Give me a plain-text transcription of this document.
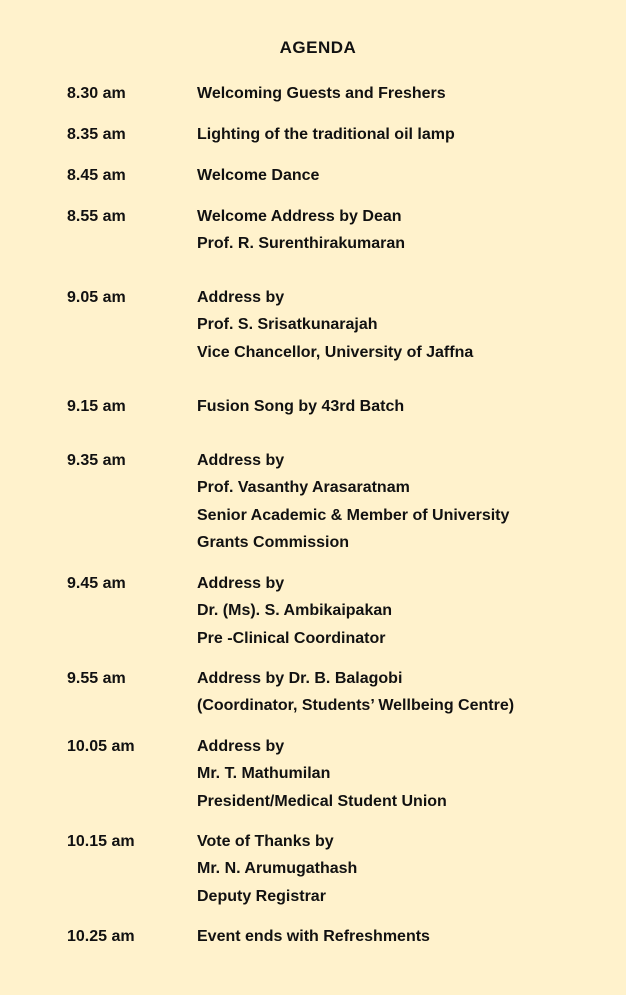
AGENDA
8.30 am	Welcoming Guests and Freshers
8.35 am	Lighting of the traditional oil lamp
8.45 am	Welcome Dance
8.55 am	Welcome Address by Dean
Prof. R. Surenthirakumaran
9.05 am	Address by
Prof. S. Srisatkunarajah
Vice Chancellor, University of Jaffna
9.15 am	Fusion Song by 43rd Batch
9.35 am	Address by
Prof. Vasanthy Arasaratnam
Senior Academic & Member of University
Grants Commission
9.45 am	Address by
Dr. (Ms). S. Ambikaipakan
Pre -Clinical Coordinator
9.55 am	Address by Dr. B. Balagobi
(Coordinator, Students’ Wellbeing Centre)
10.05 am	Address by
Mr. T. Mathumilan
President/Medical Student Union
10.15 am	Vote of Thanks by
Mr. N. Arumugathash
Deputy Registrar
10.25 am	Event ends with Refreshments
